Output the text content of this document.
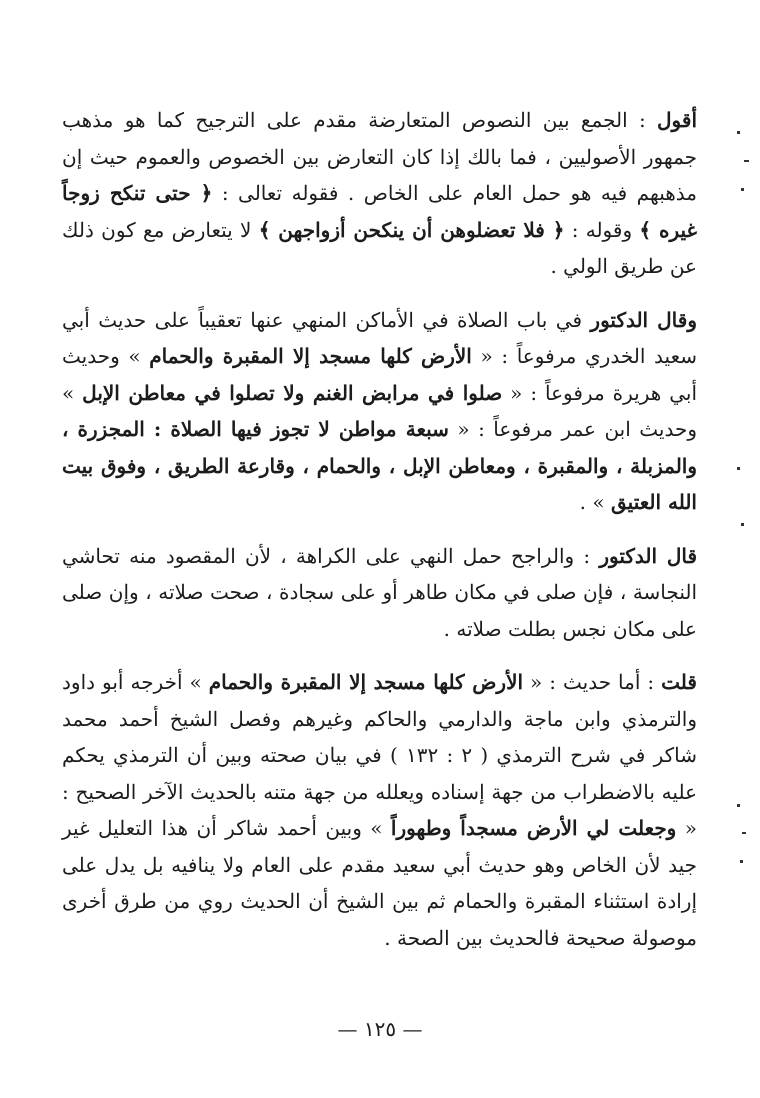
أقول : الجمع بين النصوص المتعارضة مقدم على الترجيح كما هو مذهب جمهور الأصوليين ، فما بالك إذا كان التعارض بين الخصوص والعموم حيث إن مذهبهم فيه هو حمل العام على الخاص . فقوله تعالى : ﴿ حتى تنكح زوجاً غيره ﴾ وقوله : ﴿ فلا تعضلوهن أن ينكحن أزواجهن ﴾ لا يتعارض مع كون ذلك عن طريق الولي .

وقال الدكتور في باب الصلاة في الأماكن المنهي عنها تعقيباً على حديث أبي سعيد الخدري مرفوعاً : « الأرض كلها مسجد إلا المقبرة والحمام » وحديث أبي هريرة مرفوعاً : « صلوا في مرابض الغنم ولا تصلوا في معاطن الإبل » وحديث ابن عمر مرفوعاً : « سبعة مواطن لا تجوز فيها الصلاة : المجزرة ، والمزبلة ، والمقبرة ، ومعاطن الإبل ، والحمام ، وقارعة الطريق ، وفوق بيت الله العتيق » .

قال الدكتور : والراجح حمل النهي على الكراهة ، لأن المقصود منه تحاشي النجاسة ، فإن صلى في مكان طاهر أو على سجادة ، صحت صلاته ، وإن صلى على مكان نجس بطلت صلاته .

قلت : أما حديث : « الأرض كلها مسجد إلا المقبرة والحمام » أخرجه أبو داود والترمذي وابن ماجة والدارمي والحاكم وغيرهم وفصل الشيخ أحمد محمد شاكر في شرح الترمذي ( ٢ : ١٣٢ ) في بيان صحته وبين أن الترمذي يحكم عليه بالاضطراب من جهة إسناده ويعلله من جهة متنه بالحديث الآخر الصحيح : « وجعلت لي الأرض مسجداً وطهوراً » وبين أحمد شاكر أن هذا التعليل غير جيد لأن الخاص وهو حديث أبي سعيد مقدم على العام ولا ينافيه بل يدل على إرادة استثناء المقبرة والحمام ثم بين الشيخ أن الحديث روي من طرق أخرى موصولة صحيحة فالحديث بين الصحة .

— ١٢٥ —
